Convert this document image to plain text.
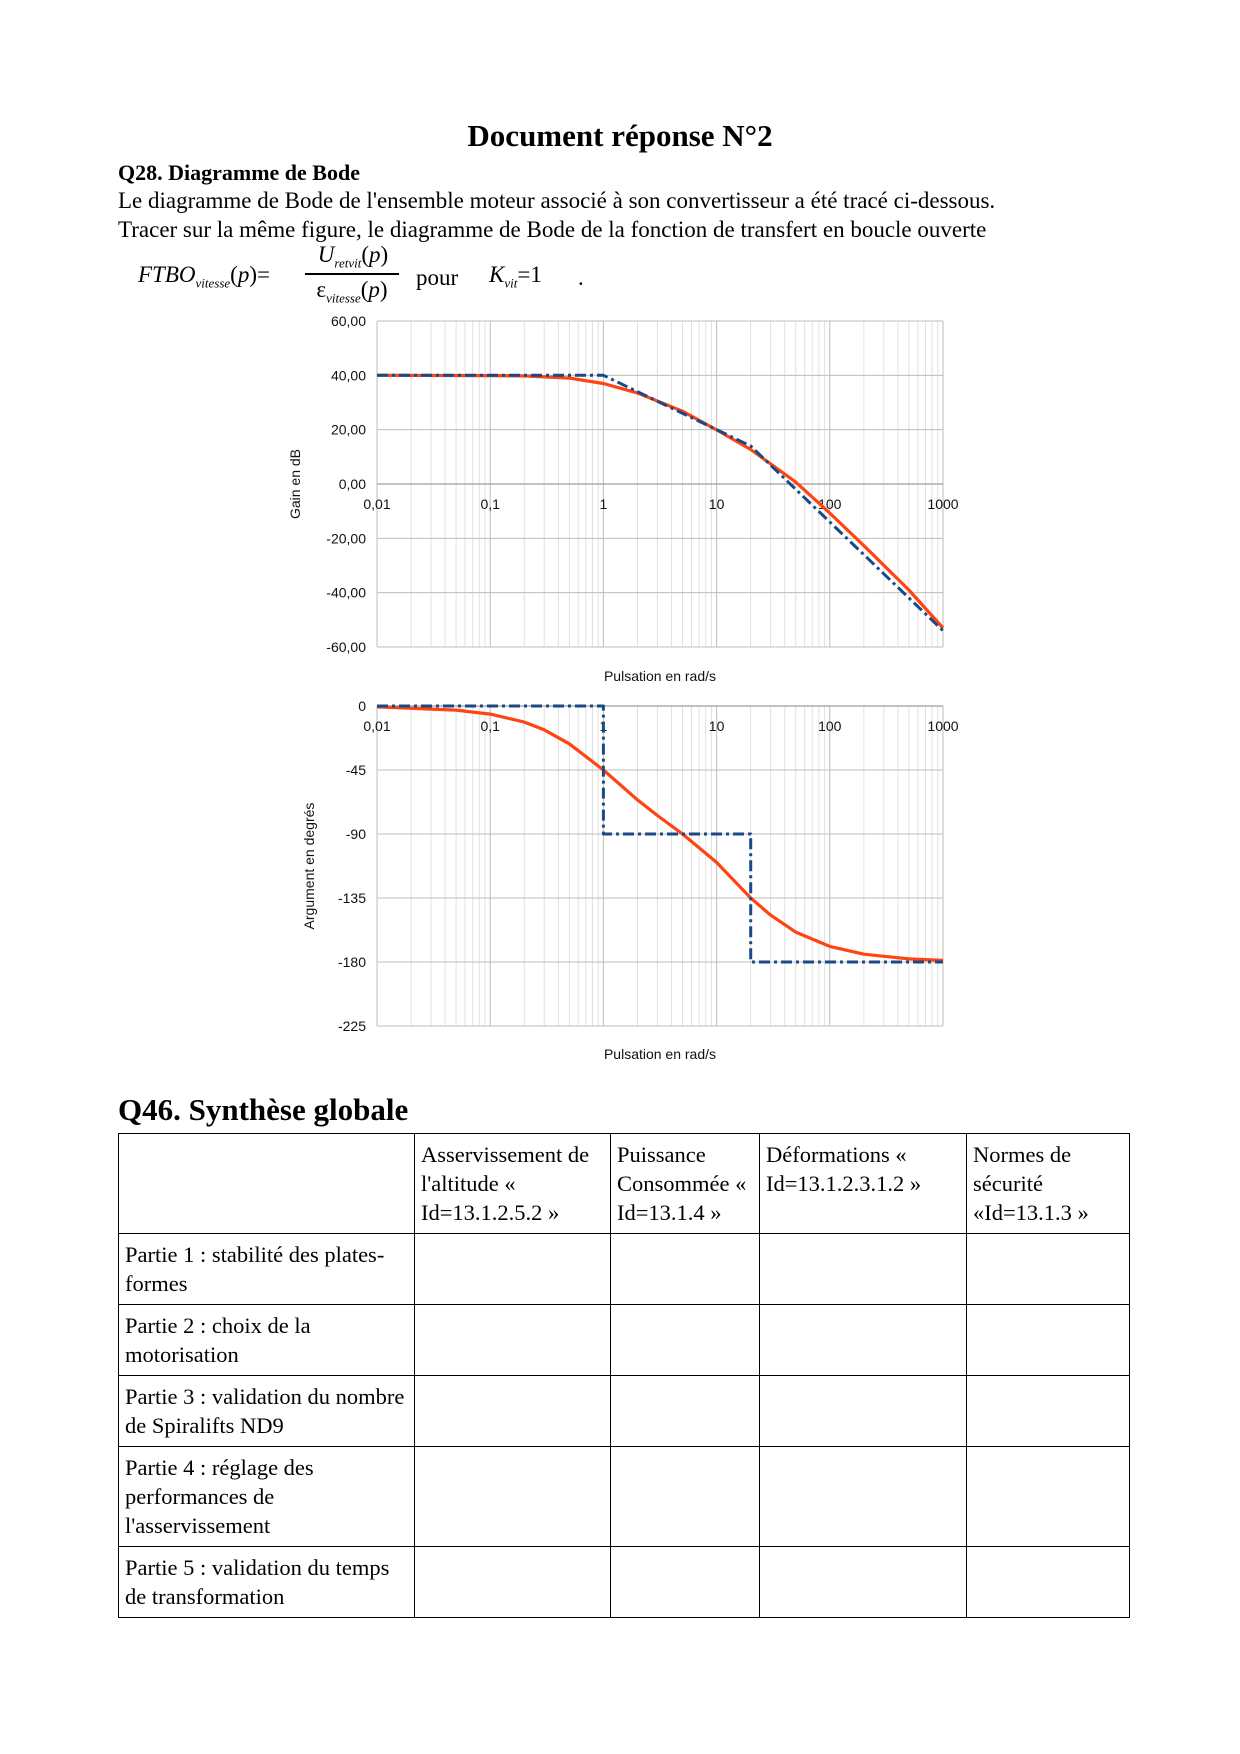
Document réponse N°2
Q28. Diagramme de Bode
Le diagramme de Bode de l'ensemble moteur associé à son convertisseur a été tracé ci-dessous.
Tracer sur la même figure, le diagramme de Bode de la fonction de transfert en boucle ouverte
$FTBO_{vitesse}(p)=$
$U_{retvit}(p)$
$\varepsilon_{vitesse}(p)$	pour $K_{vit}=1$ .
60,00
40,00
20,00
0,00
-20,00
-40,00
-60,00
0,01	0,1	1	10	100	1000
Pulsation en rad/s
Gain en dB
0
-45
-90
-135
-180
-225
0,01	0,1	1	10	100	1000
Pulsation en rad/s
Argument en degrés
Q46. Synthèse globale
	Asservissement de l'altitude « Id=13.1.2.5.2 »	Puissance Consommée « Id=13.1.4 »	Déformations « Id=13.1.2.3.1.2 »	Normes de sécurité «Id=13.1.3 »
Partie 1 : stabilité des plates-formes				
Partie 2 : choix de la motorisation				
Partie 3 : validation du nombre de Spiralifts ND9				
Partie 4 : réglage des performances de l'asservissement				
Partie 5 : validation du temps de transformation				
